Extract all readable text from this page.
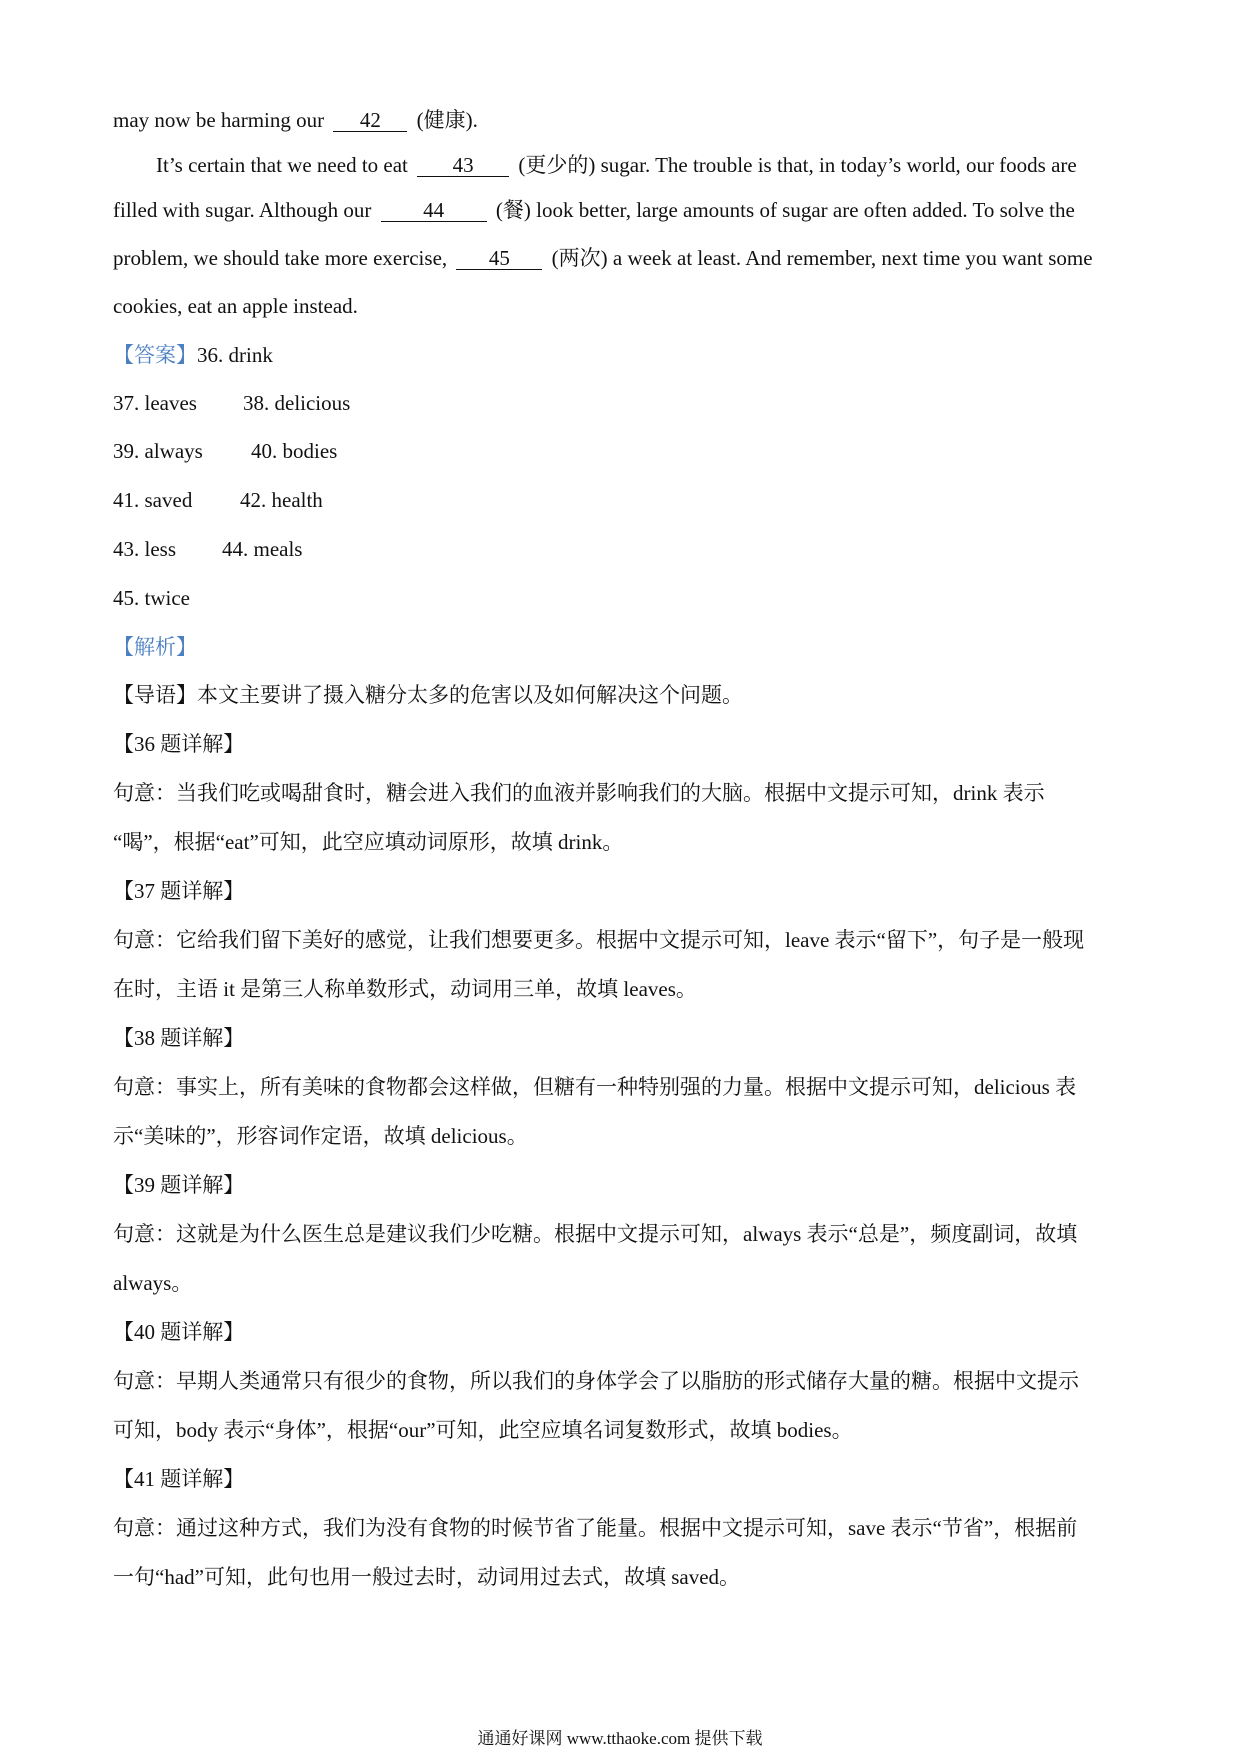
may now be harming our 42 (健康).
It’s certain that we need to eat 43 (更少的) sugar. The trouble is that, in today’s world, our foods are
filled with sugar. Although our 44 (餐) look better, large amounts of sugar are often added. To solve the
problem, we should take more exercise, 45 (两次) a week at least. And remember, next time you want some
cookies, eat an apple instead.
【答案】36. drink
37. leaves 38. delicious
39. always 40. bodies
41. saved 42. health
43. less 44. meals
45. twice
【解析】
【导语】本文主要讲了摄入糖分太多的危害以及如何解决这个问题。
【36 题详解】
句意：当我们吃或喝甜食时，糖会进入我们的血液并影响我们的大脑。根据中文提示可知，drink 表示
“喝”，根据“eat”可知，此空应填动词原形，故填 drink。
【37 题详解】
句意：它给我们留下美好的感觉，让我们想要更多。根据中文提示可知，leave 表示“留下”，句子是一般现
在时，主语 it 是第三人称单数形式，动词用三单，故填 leaves。
【38 题详解】
句意：事实上，所有美味的食物都会这样做，但糖有一种特别强的力量。根据中文提示可知，delicious 表
示“美味的”，形容词作定语，故填 delicious。
【39 题详解】
句意：这就是为什么医生总是建议我们少吃糖。根据中文提示可知，always 表示“总是”，频度副词，故填
always。
【40 题详解】
句意：早期人类通常只有很少的食物，所以我们的身体学会了以脂肪的形式储存大量的糖。根据中文提示
可知，body 表示“身体”，根据“our”可知，此空应填名词复数形式，故填 bodies。
【41 题详解】
句意：通过这种方式，我们为没有食物的时候节省了能量。根据中文提示可知，save 表示“节省”，根据前
一句“had”可知，此句也用一般过去时，动词用过去式，故填 saved。
通通好课网 www.tthaoke.com 提供下载
